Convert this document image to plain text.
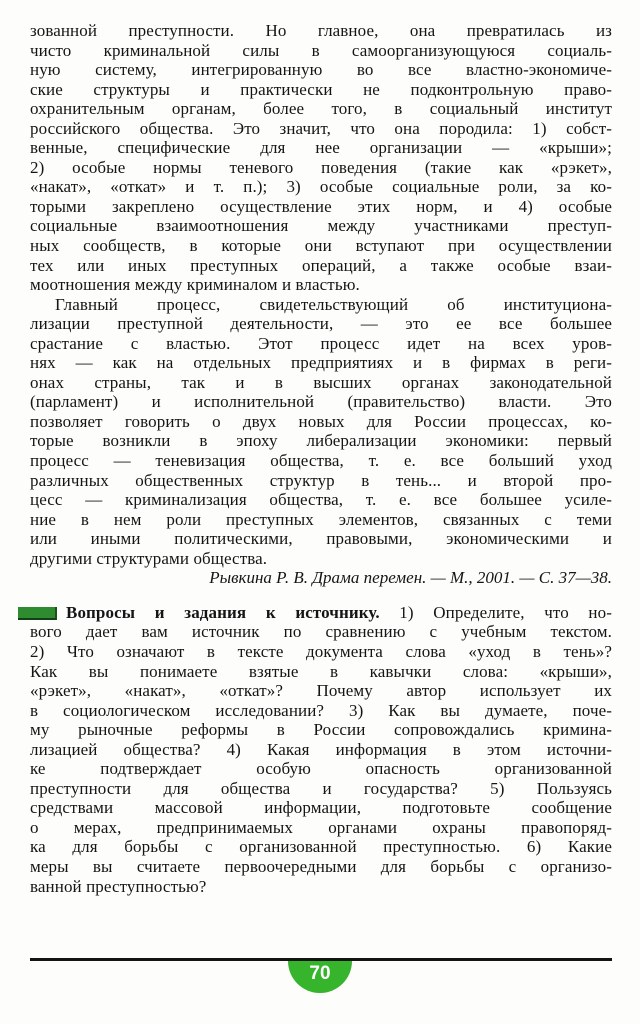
зованной преступности. Но главное, она превратилась из
чисто криминальной силы в самоорганизующуюся социаль-
ную систему, интегрированную во все властно-экономиче-
ские структуры и практически не подконтрольную право-
охранительным органам, более того, в социальный институт
российского общества. Это значит, что она породила: 1) собст-
венные, специфические для нее организации — «крыши»;
2) особые нормы теневого поведения (такие как «рэкет»,
«накат», «откат» и т. п.); 3) особые социальные роли, за ко-
торыми закреплено осуществление этих норм, и 4) особые
социальные взаимоотношения между участниками преступ-
ных сообществ, в которые они вступают при осуществлении
тех или иных преступных операций, а также особые взаи-
моотношения между криминалом и властью.
Главный процесс, свидетельствующий об институциона-
лизации преступной деятельности, — это ее все большее
срастание с властью. Этот процесс идет на всех уров-
нях — как на отдельных предприятиях и в фирмах в реги-
онах страны, так и в высших органах законодательной
(парламент) и исполнительной (правительство) власти. Это
позволяет говорить о двух новых для России процессах, ко-
торые возникли в эпоху либерализации экономики: первый
процесс — теневизация общества, т. е. все больший уход
различных общественных структур в тень... и второй про-
цесс — криминализация общества, т. е. все большее усиле-
ние в нем роли преступных элементов, связанных с теми
или иными политическими, правовыми, экономическими и
другими структурами общества.
Рывкина Р. В. Драма перемен. — М., 2001. — С. 37—38.
Вопросы и задания к источнику. 1) Определите, что но-
вого дает вам источник по сравнению с учебным текстом.
2) Что означают в тексте документа слова «уход в тень»?
Как вы понимаете взятые в кавычки слова: «крыши»,
«рэкет», «накат», «откат»? Почему автор использует их
в социологическом исследовании? 3) Как вы думаете, поче-
му рыночные реформы в России сопровождались кримина-
лизацией общества? 4) Какая информация в этом источни-
ке подтверждает особую опасность организованной
преступности для общества и государства? 5) Пользуясь
средствами массовой информации, подготовьте сообщение
о мерах, предпринимаемых органами охраны правопоряд-
ка для борьбы с организованной преступностью. 6) Какие
меры вы считаете первоочередными для борьбы с организо-
ванной преступностью?
70
